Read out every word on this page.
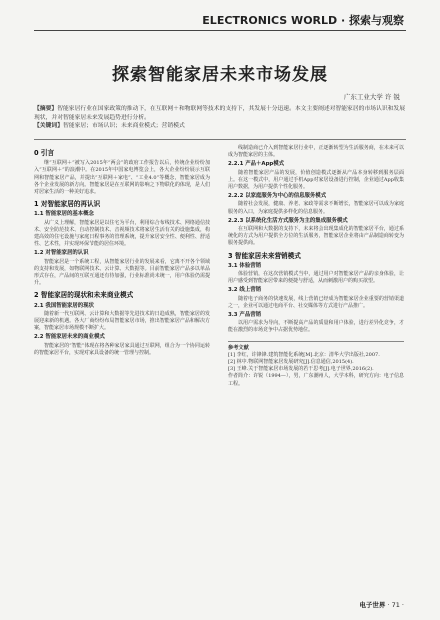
ELECTRONICS WORLD · 探索与观察
探索智能家居未来市场发展
广东工业大学 许 锐
【摘要】智能家居行业在国家政策的推动下，在互联网＋和物联网等技术的支持下，其发展十分迅速。本文主要阐述对智能家居的市场认识和发展现状，并对智能家居未来发展趋势进行分析。
【关键词】智能家居；市场认识；未来商业模式；营销模式
0 引言

继“互联网＋”被写入2015年“两会”的政府工作报告以后，传统企业纷纷加入“互联网＋”的浪潮中。在2015年中国家电博览会上，各大企业纷纷展示互联网和智能家居产品，并提出“互联网＋家电”、“工业4.0”等概念，智能家居成为各个企业发展的新方向。智能家居是在互联网的影响之下物联化的体现，是人们对居家生活的一种美好追求。

1 对智能家居的再认识
1.1 智能家居的基本概念

从广义上理解，智能家居是以住宅为平台，利用综合布线技术、网络通信技术、安全防范技术、自动控制技术、音视频技术将家居生活有关的设施集成，构建高效的住宅设施与家庭日程事务的管理系统，提升家居安全性、便利性、舒适性、艺术性，并实现环保节能的居住环境。

1.2 对智能家居的认识

智能家居是一个系统工程，从智能家居行业的发展来看，它离不开各个领域的支持和发展，如物联网技术、云计算、大数据等。目前智能家居产品多以单品形式存在，产品间的互联互通还有待加强，行业标准尚未统一，用户体验仍需提升。

2 智能家居的现状和未来商业模式
2.1 我国智能家居的现状

随着新一代互联网、云计算和大数据等先进技术的日趋成熟，智能家居的发展迎来新的机遇。各大厂商纷纷布局智能家居市场，推出智能家居产品和解决方案，智能家居市场规模不断扩大。

2.2 智能家居未来的商业模式

智能家居的“智能”体现在将各种家居家具通过互联网，组合为一个协同运转的智能家居平台，实现对家具设备的统一管理与控制。

线制造商已介入到智能家居行业中，正逐渐转型为生活服务商，在未来可以成为智能家居的主体。

2.2.1 产品＋App模式

随着智能家居产品的发展，价值创造模式逐渐从产品本身转移到服务层面上。在这一模式中，用户通过手机App对家居设备进行控制，企业通过App收集用户数据，为用户提供个性化服务。

2.2.2 以家庭服务为中心的信息服务模式

随着社会发展，健康、养老、家政等需求不断增长，智能家居可以成为家庭服务的入口，为家庭提供多样化的信息服务。

2.2.3 以系统化生活方式服务为主的集成服务模式

在互联网和大数据的支持下，未来将会出现集成化的智能家居平台，通过系统化的方式为用户提供全方位的生活服务，智能家居企业将由产品制造商转变为服务提供商。

3 智能家居未来营销模式
3.1 体验营销

体验营销，在这次营销模式当中，通过用户对智能家居产品的亲身体验，让用户感受到智能家居带来的便捷与舒适，从而刺激用户的购买欲望。

3.2 线上营销

随着电子商务的快速发展，线上营销已经成为智能家居企业重要的营销渠道之一，企业可以通过电商平台、社交媒体等方式进行产品推广。

3.3 产品营销

以用户需求为导向，不断提高产品的质量和用户体验，进行差异化竞争，才能在激烈的市场竞争中占据优势地位。

参考文献
[1] 李红，许锋锋.建筑智能化系统[M].北京：清华大学出版社,2007.
[2] 林中.物联网智能家居发展研究[J].信息通信,2015(4).
[3] 王峰.关于智能家居市场发展的若干思考[J].电子世界,2016(2).
作者简介：许锐（1994—），男，广东潮州人，大学本科，研究方向：电子信息工程。
电子世界 · 71 ·
